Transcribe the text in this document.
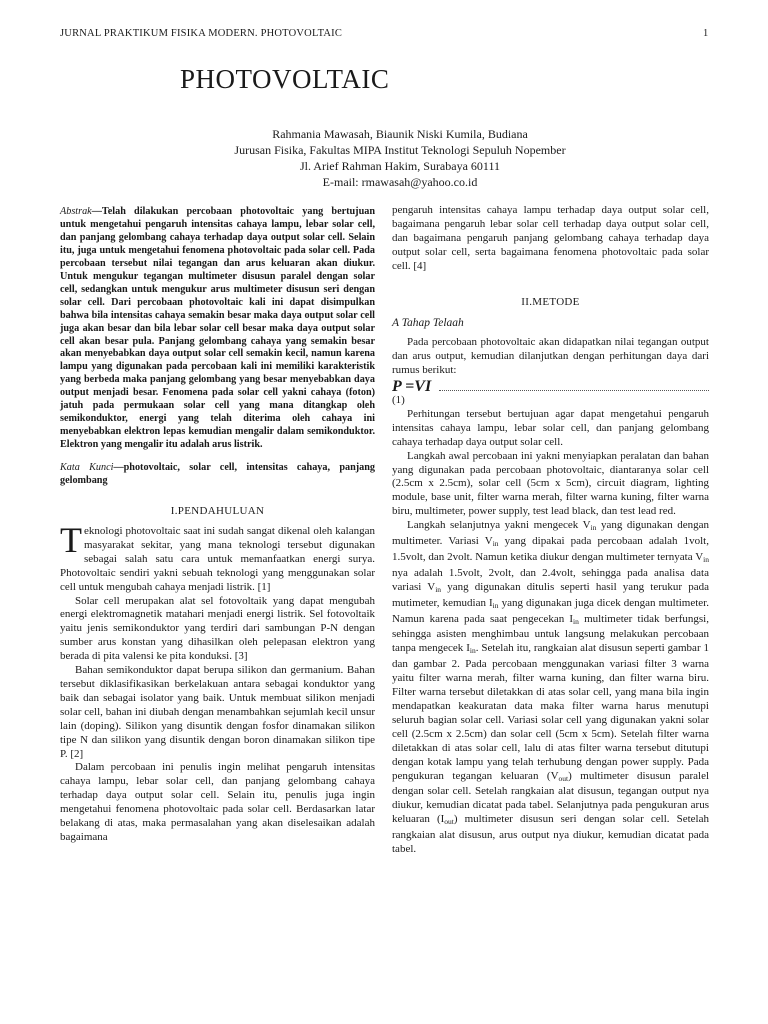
JURNAL PRAKTIKUM FISIKA MODERN. PHOTOVOLTAIC	1
PHOTOVOLTAIC
Rahmania Mawasah, Biaunik Niski Kumila, Budiana
Jurusan Fisika, Fakultas MIPA Institut Teknologi Sepuluh Nopember
Jl. Arief Rahman Hakim, Surabaya 60111
E-mail: rmawasah@yahoo.co.id

Abstrak—Telah dilakukan percobaan photovoltaic yang bertujuan untuk mengetahui pengaruh intensitas cahaya lampu, lebar solar cell, dan panjang gelombang cahaya terhadap daya output solar cell. Selain itu, juga untuk mengetahui fenomena photovoltaic pada solar cell. Pada percobaan tersebut nilai tegangan dan arus keluaran akan diukur. Untuk mengukur tegangan multimeter disusun paralel dengan solar cell, sedangkan untuk mengukur arus multimeter disusun seri dengan solar cell. Dari percobaan photovoltaic kali ini dapat disimpulkan bahwa bila intensitas cahaya semakin besar maka daya output solar cell juga akan besar dan bila lebar solar cell besar maka daya output solar cell akan besar pula. Panjang gelombang cahaya yang semakin besar akan menyebabkan daya output solar cell semakin kecil, namun karena lampu yang digunakan pada percobaan kali ini memiliki karakteristik yang berbeda maka panjang gelombang yang besar menyebabkan daya output menjadi besar. Fenomena pada solar cell yakni cahaya (foton) jatuh pada permukaan solar cell yang mana ditangkap oleh semikonduktor, energi yang telah diterima oleh cahaya ini menyebabkan elektron lepas kemudian mengalir dalam semikonduktor. Elektron yang mengalir itu adalah arus listrik.

Kata Kunci—photovoltaic, solar cell, intensitas cahaya, panjang gelombang

I.PENDAHULUAN

Teknologi photovoltaic saat ini sudah sangat dikenal oleh kalangan masyarakat sekitar, yang mana teknologi tersebut digunakan sebagai salah satu cara untuk memanfaatkan energi surya. Photovoltaic sendiri yakni sebuah teknologi yang menggunakan solar cell untuk mengubah cahaya menjadi listrik. [1]

Solar cell merupakan alat sel fotovoltaik yang dapat mengubah energi elektromagnetik matahari menjadi energi listrik. Sel fotovoltaik yaitu jenis semikonduktor yang terdiri dari sambungan P-N dengan sumber arus konstan yang dihasilkan oleh pelepasan elektron yang berada di pita valensi ke pita konduksi. [3]

Bahan semikonduktor dapat berupa silikon dan germanium. Bahan tersebut diklasifikasikan berkelakuan antara sebagai konduktor yang baik dan sebagai isolator yang baik. Untuk membuat silikon menjadi solar cell, bahan ini diubah dengan menambahkan sejumlah kecil unsur lain (doping). Silikon yang disuntik dengan fosfor dinamakan silikon tipe N dan silikon yang disuntik dengan boron dinamakan silikon tipe P. [2]

Dalam percobaan ini penulis ingin melihat pengaruh intensitas cahaya lampu, lebar solar cell, dan panjang gelombang cahaya terhadap daya output solar cell. Selain itu, penulis juga ingin mengetahui fenomena photovoltaic pada solar cell. Berdasarkan latar belakang di atas, maka permasalahan yang akan diselesaikan adalah bagaimana

pengaruh intensitas cahaya lampu terhadap daya output solar cell, bagaimana pengaruh lebar solar cell terhadap daya output solar cell, dan bagaimana pengaruh panjang gelombang cahaya terhadap daya output solar cell, serta bagaimana fenomena photovoltaic pada solar cell. [4]

II.METODE

A Tahap Telaah

Pada percobaan photovoltaic akan didapatkan nilai tegangan output dan arus output, kemudian dilanjutkan dengan perhitungan daya dari rumus berikut:

P =VI

(1)

Perhitungan tersebut bertujuan agar dapat mengetahui pengaruh intensitas cahaya lampu, lebar solar cell, dan panjang gelombang cahaya terhadap daya output solar cell.

Langkah awal percobaan ini yakni menyiapkan peralatan dan bahan yang digunakan pada percobaan photovoltaic, diantaranya solar cell (2.5cm x 2.5cm), solar cell (5cm x 5cm), circuit diagram, lighting module, base unit, filter warna merah, filter warna kuning, filter warna biru, multimeter, power supply, test lead black, dan test lead red.

Langkah selanjutnya yakni mengecek $V_{in}$ yang digunakan dengan multimeter. Variasi $V_{in}$ yang dipakai pada percobaan adalah 1volt, 1.5volt, dan 2volt. Namun ketika diukur dengan multimeter ternyata $V_{in}$ nya adalah 1.5volt, 2volt, dan 2.4volt, sehingga pada analisa data variasi $V_{in}$ yang digunakan ditulis seperti hasil yang terukur pada mutimeter, kemudian $I_{in}$ yang digunakan juga dicek dengan multimeter. Namun karena pada saat pengecekan $I_{in}$ multimeter tidak berfungsi, sehingga asisten menghimbau untuk langsung melakukan percobaan tanpa mengecek $I_{in}$. Setelah itu, rangkaian alat disusun seperti gambar 1 dan gambar 2. Pada percobaan menggunakan variasi filter 3 warna yaitu filter warna merah, filter warna kuning, dan filter warna biru. Filter warna tersebut diletakkan di atas solar cell, yang mana bila ingin mendapatkan keakuratan data maka filter warna harus menutupi seluruh bagian solar cell. Variasi solar cell yang digunakan yakni solar cell (2.5cm x 2.5cm) dan solar cell (5cm x 5cm). Setelah filter warna diletakkan di atas solar cell, lalu di atas filter warna tersebut ditutupi dengan kotak lampu yang telah terhubung dengan power supply. Pada pengukuran tegangan keluaran $(V_{out})$ multimeter disusun paralel dengan solar cell. Setelah rangkaian alat disusun, tegangan output nya diukur, kemudian dicatat pada tabel. Selanjutnya pada pengukuran arus keluaran $(I_{out})$ multimeter disusun seri dengan solar cell. Setelah rangkaian alat disusun, arus output nya diukur, kemudian dicatat pada tabel.
